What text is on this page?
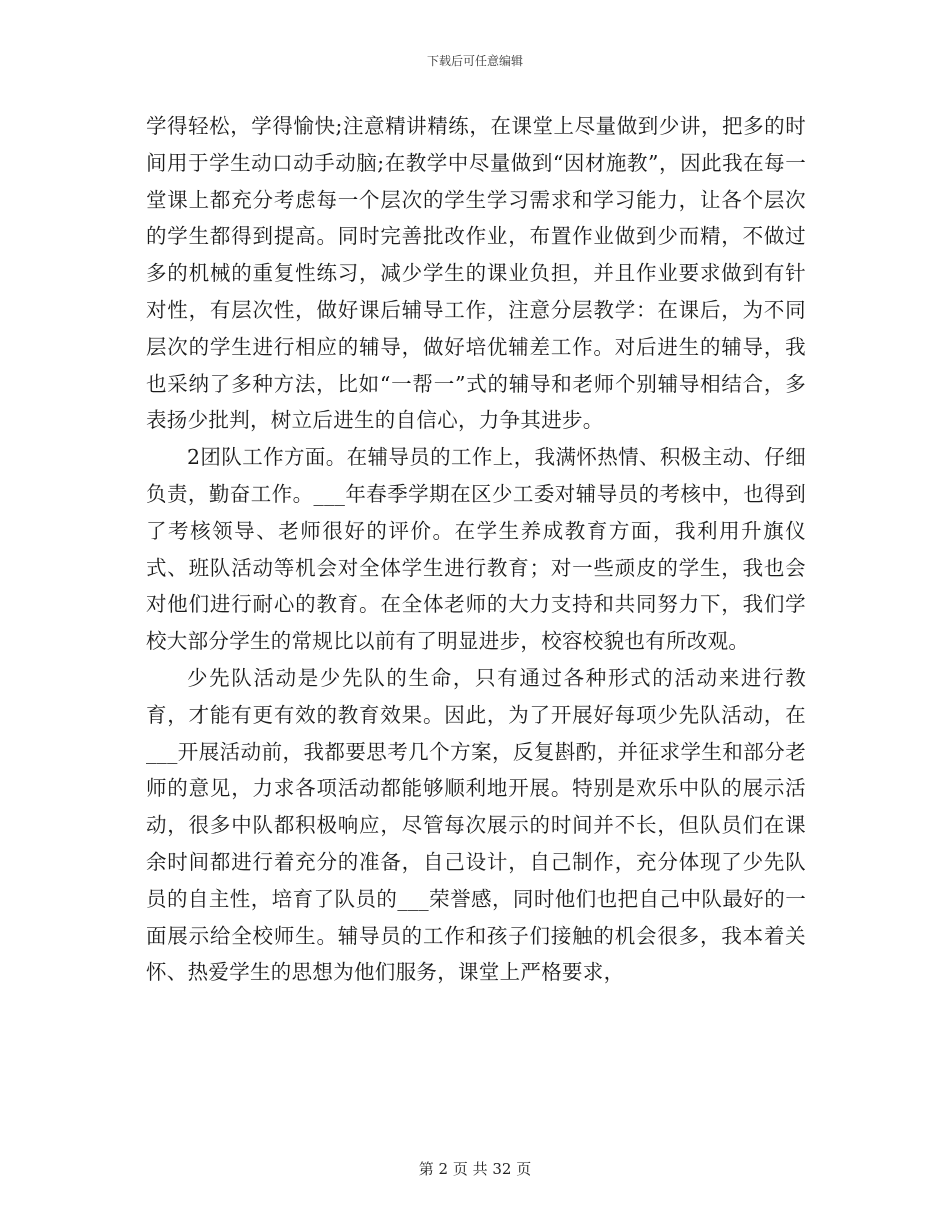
下载后可任意编辑

学得轻松，学得愉快;注意精讲精练，在课堂上尽量做到少讲，把多的时间用于学生动口动手动脑;在教学中尽量做到“因材施教”，因此我在每一堂课上都充分考虑每一个层次的学生学习需求和学习能力，让各个层次的学生都得到提高。同时完善批改作业，布置作业做到少而精，不做过多的机械的重复性练习，减少学生的课业负担，并且作业要求做到有针对性，有层次性，做好课后辅导工作，注意分层教学：在课后，为不同层次的学生进行相应的辅导，做好培优辅差工作。对后进生的辅导，我也采纳了多种方法，比如“一帮一”式的辅导和老师个别辅导相结合，多表扬少批判，树立后进生的自信心，力争其进步。

2团队工作方面。在辅导员的工作上，我满怀热情、积极主动、仔细负责，勤奋工作。___年春季学期在区少工委对辅导员的考核中，也得到了考核领导、老师很好的评价。在学生养成教育方面，我利用升旗仪式、班队活动等机会对全体学生进行教育；对一些顽皮的学生，我也会对他们进行耐心的教育。在全体老师的大力支持和共同努力下，我们学校大部分学生的常规比以前有了明显进步，校容校貌也有所改观。

少先队活动是少先队的生命，只有通过各种形式的活动来进行教育，才能有更有效的教育效果。因此，为了开展好每项少先队活动，在___开展活动前，我都要思考几个方案，反复斟酌，并征求学生和部分老师的意见，力求各项活动都能够顺利地开展。特别是欢乐中队的展示活动，很多中队都积极响应，尽管每次展示的时间并不长，但队员们在课余时间都进行着充分的准备，自己设计，自己制作，充分体现了少先队员的自主性，培育了队员的___荣誉感，同时他们也把自己中队最好的一面展示给全校师生。辅导员的工作和孩子们接触的机会很多，我本着关怀、热爱学生的思想为他们服务，课堂上严格要求，

第 2 页 共 32 页
